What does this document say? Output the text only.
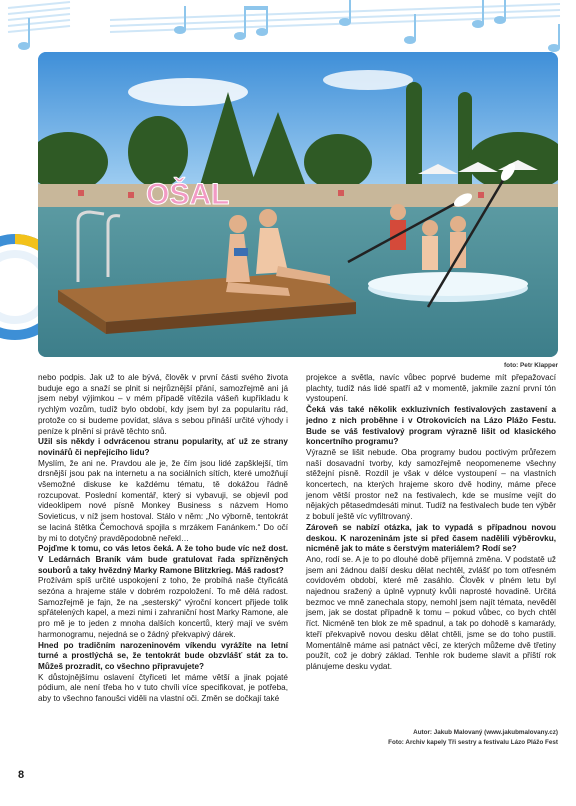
OŠAL
foto: Petr Klapper

nebo podpis. Jak už to ale bývá, člověk v první části svého života buduje ego a snaží se plnit si nejrůznější přání, samozřejmě ani já jsem nebyl výjimkou – v mém případě vítězila vášeň kupříkladu k rychlým vozům, tudíž bylo období, kdy jsem byl za popularitu rád, protože co si budeme povídat, sláva s sebou přináší určité výhody i peníze k plnění si právě těchto snů.

Užil sis někdy i odvrácenou stranu popularity, ať už ze strany novinářů či nepřejícího lidu?

Myslím, že ani ne. Pravdou ale je, že čím jsou lidé zapšklejší, tím drsnější jsou pak na internetu a na sociálních sítích, které umožňují všemožné diskuse ke každému tématu, tě dokážou řádně rozcupovat. Poslední komentář, který si vybavuji, se objevil pod videoklipem nové písně Monkey Business s názvem Homo Sovieticus, v níž jsem hostoval. Stálo v něm: „No výborně, tentokrát se laciná štětka Čemochová spojila s mrzákem Fanánkem.“ Do očí by mi to dotyčný pravděpodobně neřekl…

Pojďme k tomu, co vás letos čeká. A že toho bude víc než dost. V Ledárnách Braník vám bude gratulovat řada spřízněných souborů a taky hvězdný Marky Ramone Blitzkrieg. Máš radost?

Prožívám spíš určité uspokojení z toho, že probíhá naše čtyřicátá sezóna a hrajeme stále v dobrém rozpoložení. To mě dělá radost. Samozřejmě je fajn, že na „sesterský“ výroční koncert přijede tolik spřátelených kapel, a mezi nimi i zahraniční host Marky Ramone, ale pro mě je to jeden z mnoha dalších koncertů, který mají ve svém harmonogramu, nejedná se o žádný překvapivý dárek.

Hned po tradičním narozeninovém víkendu vyrážíte na letní turné a prostlýchá se, že tentokrát bude obzvlášť stát za to. Můžeš prozradit, co všechno připravujete?

K důstojnějšímu oslavení čtyřiceti let máme větší a jinak pojaté pódium, ale není třeba ho v tuto chvíli více specifikovat, je potřeba, aby to všechno fanoušci viděli na vlastní oči. Změn se dočkají také

projekce a světla, navíc vůbec poprvé budeme mít přepažovací plachty, tudíž nás lidé spatří až v momentě, jakmile zazní první tón vystoupení.

Čeká vás také několik exkluzivních festivalových zastavení a jedno z nich proběhne i v Otrokovicích na Lázo Plážo Festu. Bude se váš festivalový program výrazně lišit od klasického koncertního programu?

Výrazně se lišit nebude. Oba programy budou poctivým průřezem naší dosavadní tvorby, kdy samozřejmě neopomeneme všechny stěžejní písně. Rozdíl je však v délce vystoupení – na vlastních koncertech, na kterých hrajeme skoro dvě hodiny, máme přece jenom větší prostor než na festivalech, kde se musíme vejít do nějakých pětasedmdesáti minut. Tudíž na festivalech bude ten výběr z bobulí ještě víc vyfiltrovaný.

Zároveň se nabízí otázka, jak to vypadá s případnou novou deskou. K narozeninám jste si před časem nadělili výběrovku, nicméně jak to máte s čerstvým materiálem? Rodí se?

Ano, rodí se. A je to po dlouhé době příjemná změna. V podstatě už jsem ani žádnou další desku dělat nechtěl, zvlášť po tom otřesném covidovém období, které mě zasáhlo. Člověk v plném letu byl najednou sražený a úplně vypnutý kvůli naprosté hovadině. Určitá bezmoc ve mně zanechala stopy, nemohl jsem najít témata, nevěděl jsem, jak se dostat případně k tomu – pokud vůbec, co bych chtěl říct. Nicméně ten blok ze mě spadnul, a tak po dohodě s kamarády, kteří překvapivě novou desku dělat chtěli, jsme se do toho pustili. Momentálně máme asi patnáct věcí, ze kterých můžeme dvě třetiny použít, což je dobrý základ. Tenhle rok budeme slavit a příští rok plánujeme desku vydat.

Autor: Jakub Malovaný (www.jakubmalovany.cz)
Foto: Archiv kapely Tři sestry a festivalu Lázo Plážo Fest
8
